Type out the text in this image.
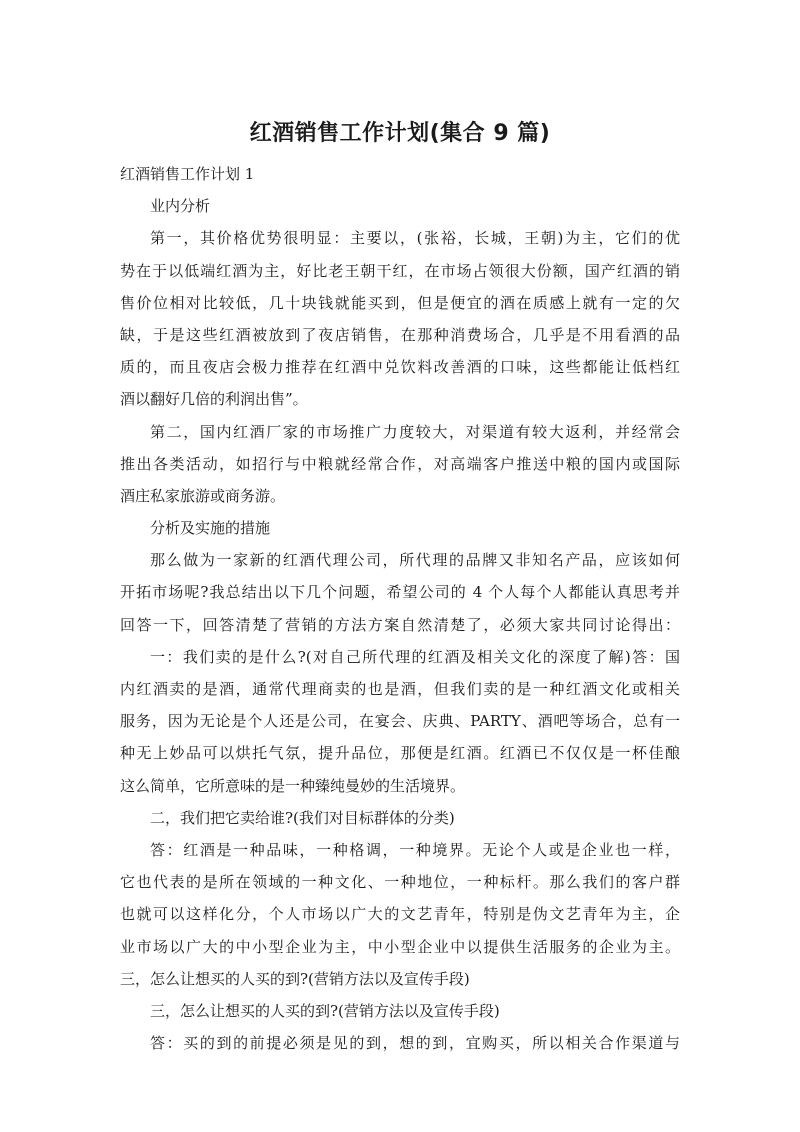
红酒销售工作计划(集合 9 篇)
红酒销售工作计划 1
业内分析
第一，其价格优势很明显：主要以，(张裕，长城，王朝)为主，它们的优
势在于以低端红酒为主，好比老王朝干红，在市场占领很大份额，国产红酒的销
售价位相对比较低，几十块钱就能买到，但是便宜的酒在质感上就有一定的欠
缺，于是这些红酒被放到了夜店销售，在那种消费场合，几乎是不用看酒的品
质的，而且夜店会极力推荐在红酒中兑饮料改善酒的口味，这些都能让低档红
酒以翻好几倍的利润出售”。
第二，国内红酒厂家的市场推广力度较大，对渠道有较大返利，并经常会
推出各类活动，如招行与中粮就经常合作，对高端客户推送中粮的国内或国际
酒庄私家旅游或商务游。
分析及实施的措施
那么做为一家新的红酒代理公司，所代理的品牌又非知名产品，应该如何
开拓市场呢?我总结出以下几个问题，希望公司的 4 个人每个人都能认真思考并
回答一下，回答清楚了营销的方法方案自然清楚了，必须大家共同讨论得出：
一：我们卖的是什么?(对自己所代理的红酒及相关文化的深度了解)答：国
内红酒卖的是酒，通常代理商卖的也是酒，但我们卖的是一种红酒文化或相关
服务，因为无论是个人还是公司，在宴会、庆典、PARTY、酒吧等场合，总有一
种无上妙品可以烘托气氛，提升品位，那便是红酒。红酒已不仅仅是一杯佳酿
这么简单，它所意味的是一种臻纯曼妙的生活境界。
二，我们把它卖给谁?(我们对目标群体的分类)
答：红酒是一种品味，一种格调，一种境界。无论个人或是企业也一样，
它也代表的是所在领域的一种文化、一种地位，一种标杆。那么我们的客户群
也就可以这样化分，个人市场以广大的文艺青年，特别是伪文艺青年为主，企
业市场以广大的中小型企业为主，中小型企业中以提供生活服务的企业为主。
三，怎么让想买的人买的到?(营销方法以及宣传手段)
三，怎么让想买的人买的到?(营销方法以及宣传手段)
答：买的到的前提必须是见的到，想的到，宜购买，所以相关合作渠道与
